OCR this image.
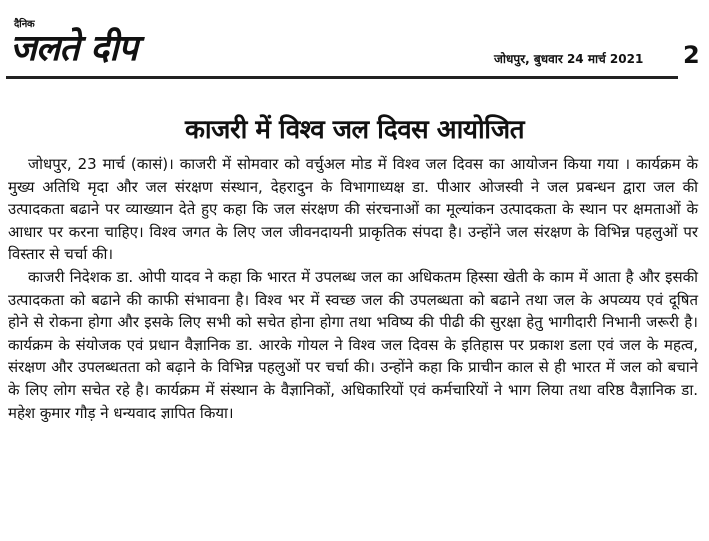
दैनिक
जलते दीप	जोधपुर, बुधवार 24 मार्च 2021 2
काजरी में विश्व जल दिवस आयोजित

जोधपुर, 23 मार्च (कासं)। काजरी में सोमवार को वर्चुअल मोड में विश्व जल दिवस का आयोजन किया गया । कार्यक्रम के मुख्य अतिथि मृदा और जल संरक्षण संस्थान, देहरादुन के विभागाध्यक्ष डा. पीआर ओजस्वी ने जल प्रबन्धन द्वारा जल की उत्पादकता बढाने पर व्याख्यान देते हुए कहा कि जल संरक्षण की संरचनाओं का मूल्यांकन उत्पादकता के स्थान पर क्षमताओं के आधार पर करना चाहिए। विश्व जगत के लिए जल जीवनदायनी प्राकृतिक संपदा है। उन्होंने जल संरक्षण के विभिन्न पहलुओं पर विस्तार से चर्चा की।

काजरी निदेशक डा. ओपी यादव ने कहा कि भारत में उपलब्ध जल का अधिकतम हिस्सा खेती के काम में आता है और इसकी उत्पादकता को बढाने की काफी संभावना है। विश्व भर में स्वच्छ जल की उपलब्धता को बढाने तथा जल के अपव्यय एवं दूषित होने से रोकना होगा और इसके लिए सभी को सचेत होना होगा तथा भविष्य की पीढी की सुरक्षा हेतु भागीदारी निभानी जरूरी है। कार्यक्रम के संयोजक एवं प्रधान वैज्ञानिक डा. आरके गोयल ने विश्व जल दिवस के इतिहास पर प्रकाश डला एवं जल के महत्व, संरक्षण और उपलब्धतता को बढ़ाने के विभिन्न पहलुओं पर चर्चा की। उन्होंने कहा कि प्राचीन काल से ही भारत में जल को बचाने के लिए लोग सचेत रहे है। कार्यक्रम में संस्थान के वैज्ञानिकों, अधिकारियों एवं कर्मचारियों ने भाग लिया तथा वरिष्ठ वैज्ञानिक डा. महेश कुमार गौड़ ने धन्यवाद ज्ञापित किया।
